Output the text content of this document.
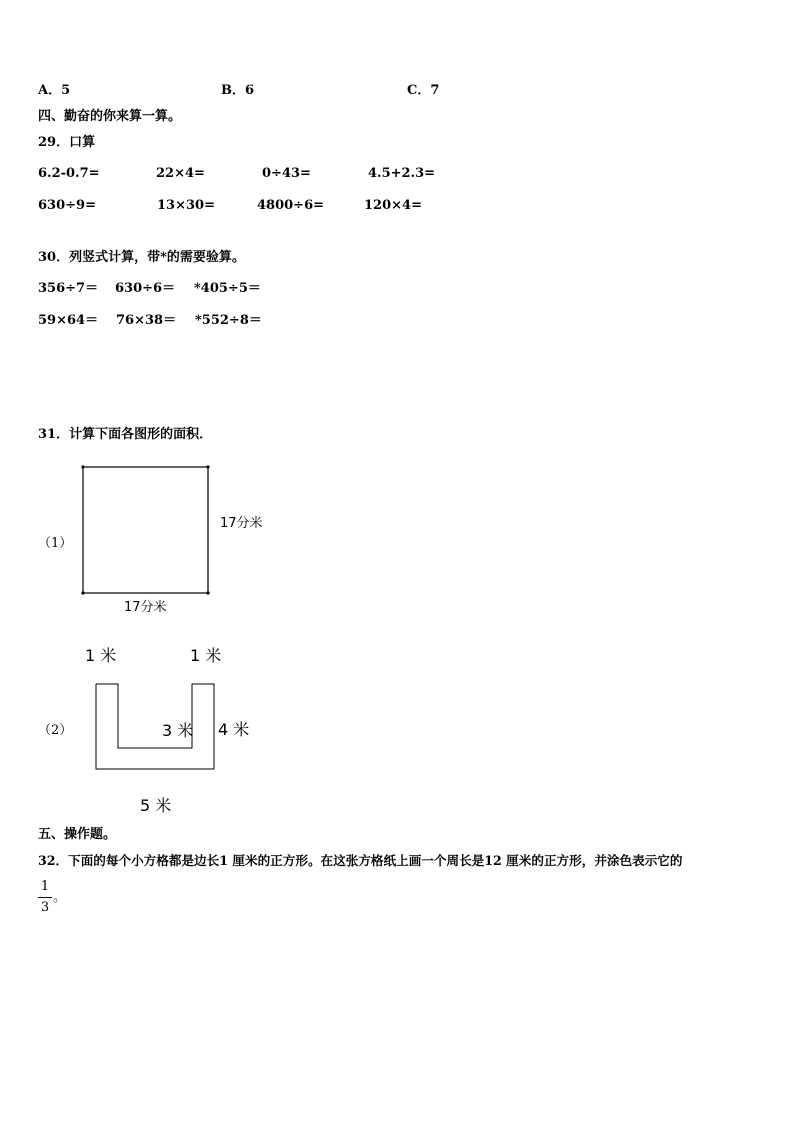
A．5	B．6	C．7
四、勤奋的你来算一算。
29．口算
6.2-0.7=	22×4=	0÷43=	4.5+2.3=
630÷9=	13×30=	4800÷6=	120×4=
30．列竖式计算，带*的需要验算。
356÷7＝ 630÷6＝ *405÷5＝
59×64＝ 76×38＝ *552÷8＝
31．计算下面各图形的面积．
（1）
17分米
17分米
（2）
1 米	1 米
3 米 4 米
5 米
五、操作题。
32．下面的每个小方格都是边长1 厘米的正方形。在这张方格纸上画一个周长是12 厘米的正方形，并涂色表示它的
1
3
。
